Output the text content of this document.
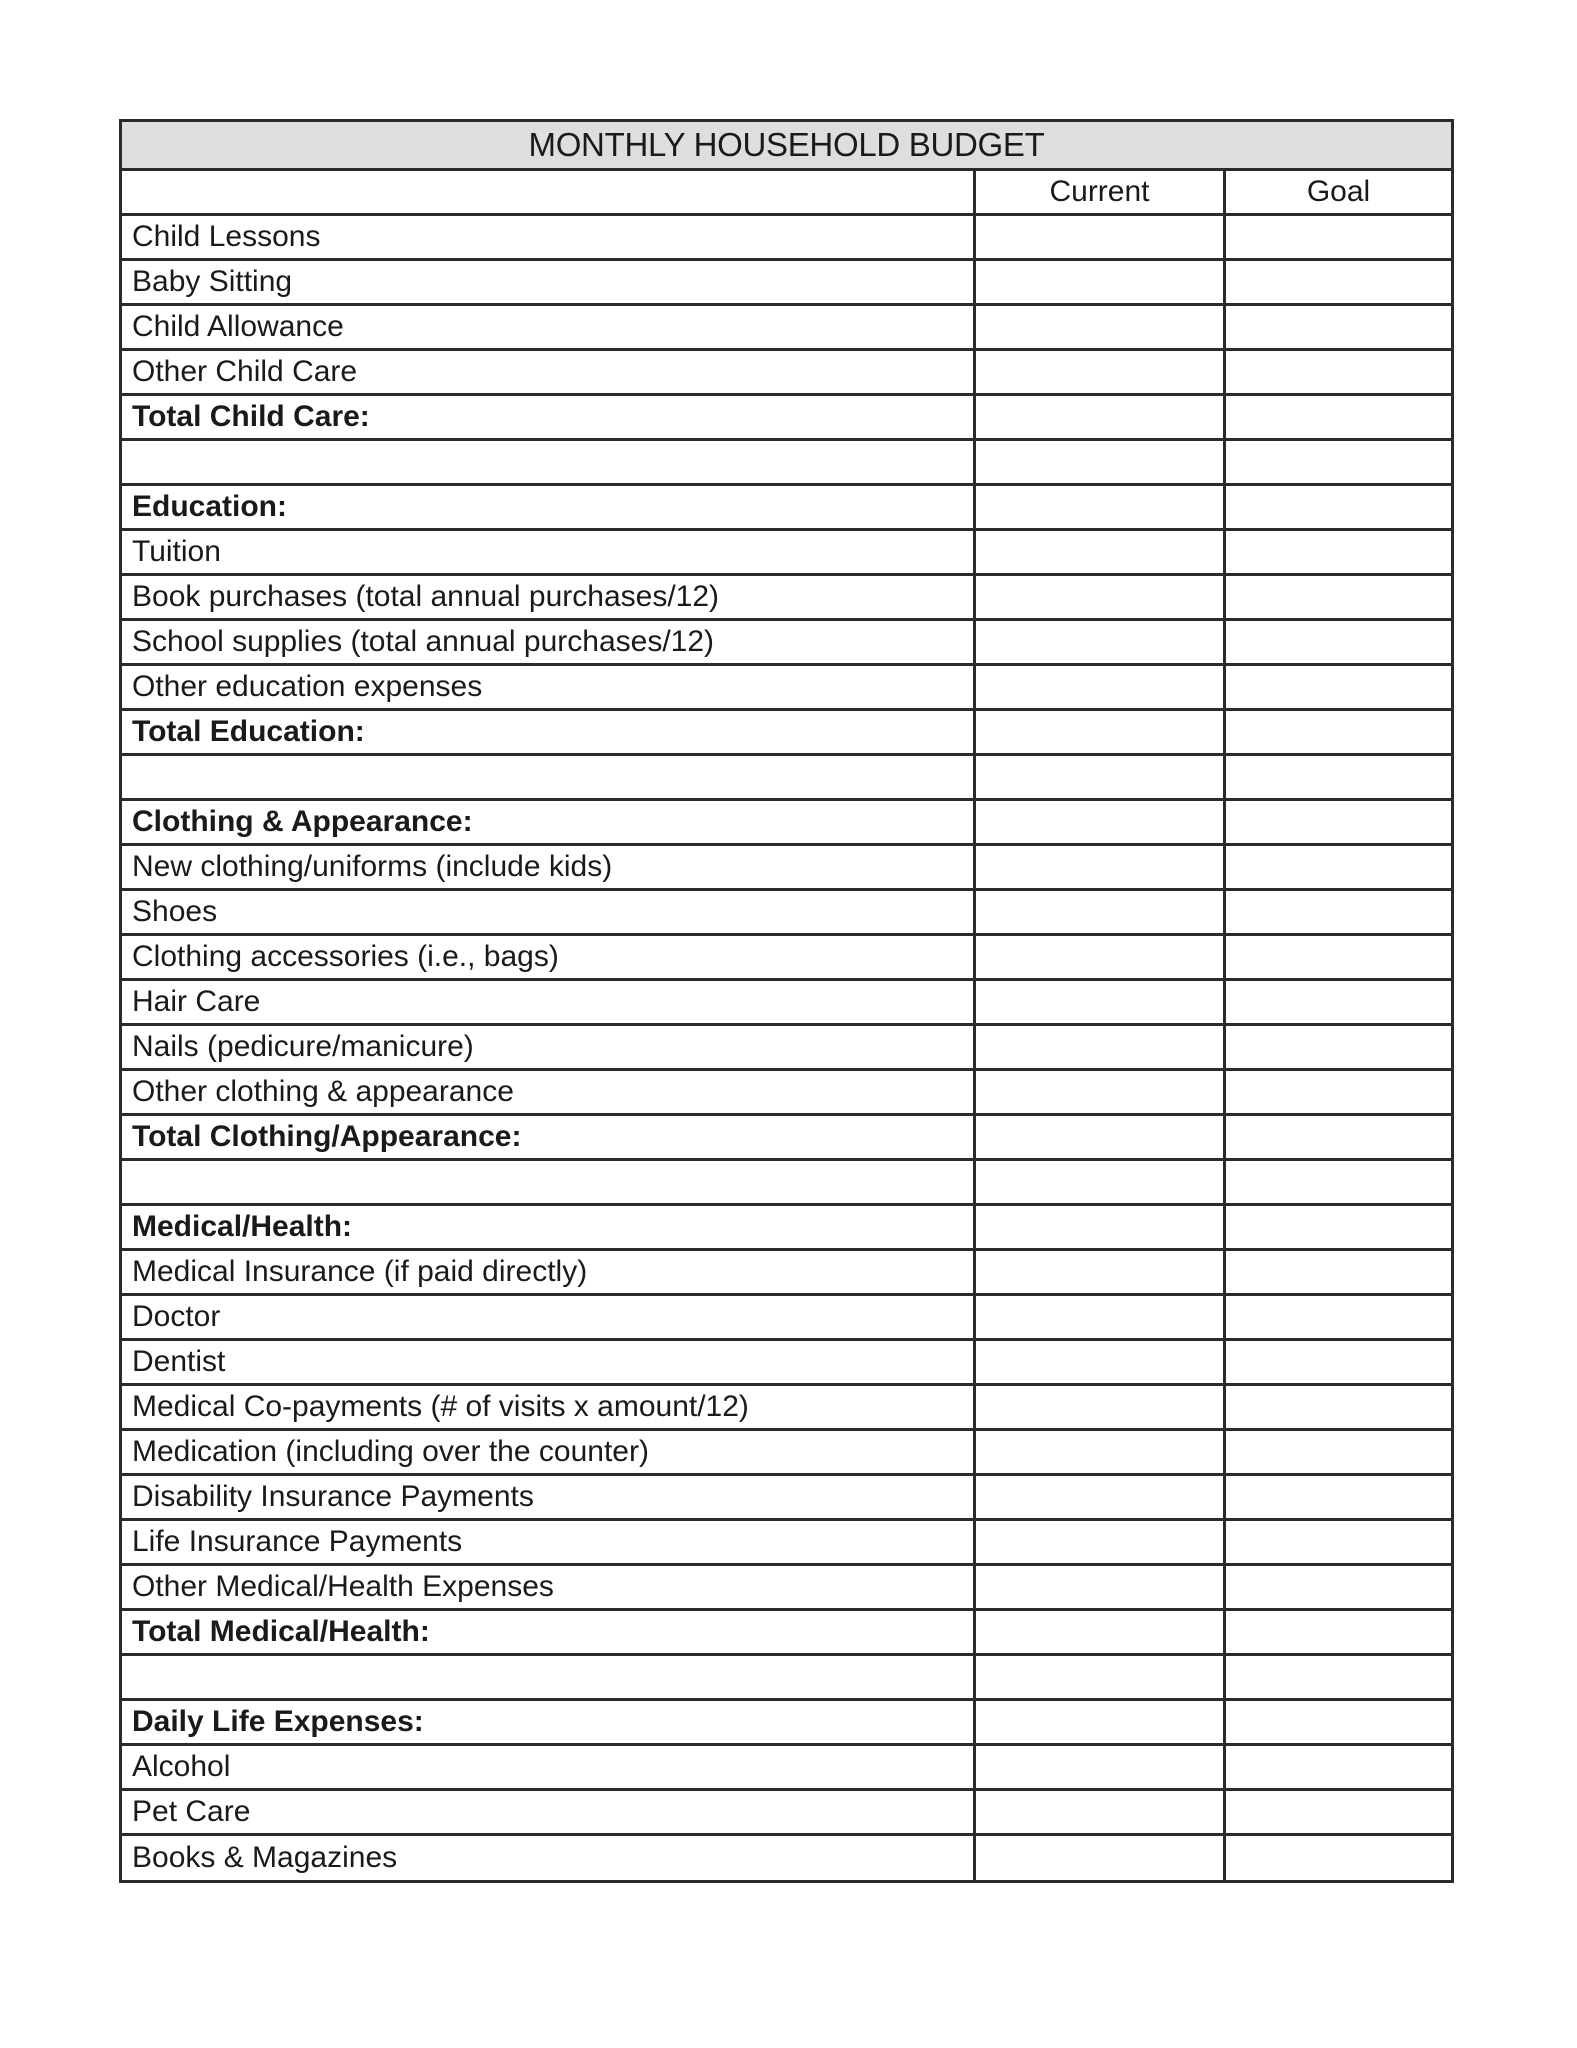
MONTHLY HOUSEHOLD BUDGET
Current	Goal
Child Lessons
Baby Sitting
Child Allowance
Other Child Care
Total Child Care:
Education:
Tuition
Book purchases (total annual purchases/12)
School supplies (total annual purchases/12)
Other education expenses
Total Education:
Clothing & Appearance:
New clothing/uniforms (include kids)
Shoes
Clothing accessories (i.e., bags)
Hair Care
Nails (pedicure/manicure)
Other clothing & appearance
Total Clothing/Appearance:
Medical/Health:
Medical Insurance (if paid directly)
Doctor
Dentist
Medical Co-payments (# of visits x amount/12)
Medication (including over the counter)
Disability Insurance Payments
Life Insurance Payments
Other Medical/Health Expenses
Total Medical/Health:
Daily Life Expenses:
Alcohol
Pet Care
Books & Magazines
